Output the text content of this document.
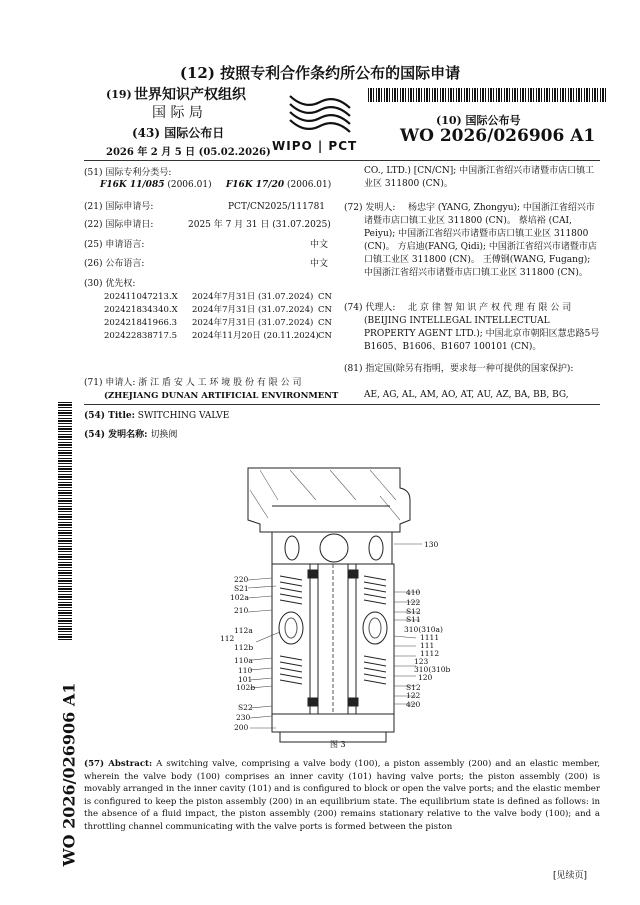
(12) 按照专利合作条约所公布的国际申请
(19) 世界知识产权组织
国 际 局
(43) 国际公布日
2026 年 2 月 5 日 (05.02.2026) WIPO | PCT
(10) 国际公布号
WO 2026/026906 A1
(51) 国际专利分类号:
F16K 11/085 (2006.01) F16K 17/20 (2006.01)
(21) 国际申请号:	PCT/CN2025/111781
(22) 国际申请日:	2025 年 7 月 31 日 (31.07.2025)
(25) 申请语言:	中文
(26) 公布语言:	中文
(30) 优先权:
202411047213.X	2024年7月31日 (31.07.2024) CN
202421834340.X	2024年7月31日 (31.07.2024) CN
202421841966.3	2024年7月31日 (31.07.2024) CN
202422838717.5	2024年11月20日 (20.11.2024) CN
(71) 申请人: 浙 江 盾 安 人 工 环 境 股 份 有 限 公 司
(ZHEJIANG DUNAN ARTIFICIAL ENVIRONMENT
CO., LTD.) [CN/CN]; 中国浙江省绍兴市诸暨市店口镇工业区 311800 (CN)。
(72) 发明人:	杨忠宇 (YANG, Zhongyu); 中国浙江省绍兴市诸暨市店口镇工业区 311800 (CN)。 蔡培裕 (CAI, Peiyu); 中国浙江省绍兴市诸暨市店口镇工业区 311800 (CN)。 方启迪(FANG, Qidi); 中国浙江省绍兴市诸暨市店口镇工业区 311800 (CN)。 王傅钢(WANG, Fugang); 中国浙江省绍兴市诸暨市店口镇工业区 311800 (CN)。
(74) 代理人:	北 京 律 智 知 识 产 权 代 理 有 限 公 司 (BEIJING INTELLEGAL INTELLECTUAL PROPERTY AGENT LTD.); 中国北京市朝阳区慧忠路5号B1605、B1606、B1607 100101 (CN)。
(81) 指定国(除另有指明，要求每一种可提供的国家保护):
AE, AG, AL, AM, AO, AT, AU, AZ, BA, BB, BG,
(54) Title: SWITCHING VALVE
(54) 发明名称: 切换阀
130
410
122
S12
S11
310(310a)
1111
111
1112
123
310(310b)
120
S12
122
420
220
S21
102a
210
112a
112
112b
110a
110
101
102b
S22
230
200
图 3
(57) Abstract: A switching valve, comprising a valve body (100), a piston assembly (200) and an elastic member, wherein the valve body (100) comprises an inner cavity (101) having valve ports; the piston assembly (200) is movably arranged in the inner cavity (101) and is configured to block or open the valve ports; and the elastic member is configured to keep the piston assembly (200) in an equilibrium state. The equilibrium state is defined as follows: in the absence of a fluid impact, the piston assembly (200) remains stationary relative to the valve body (100); and a throttling channel communicating with the valve ports is formed between the piston
WO 2026/026906 A1
[见续页]
